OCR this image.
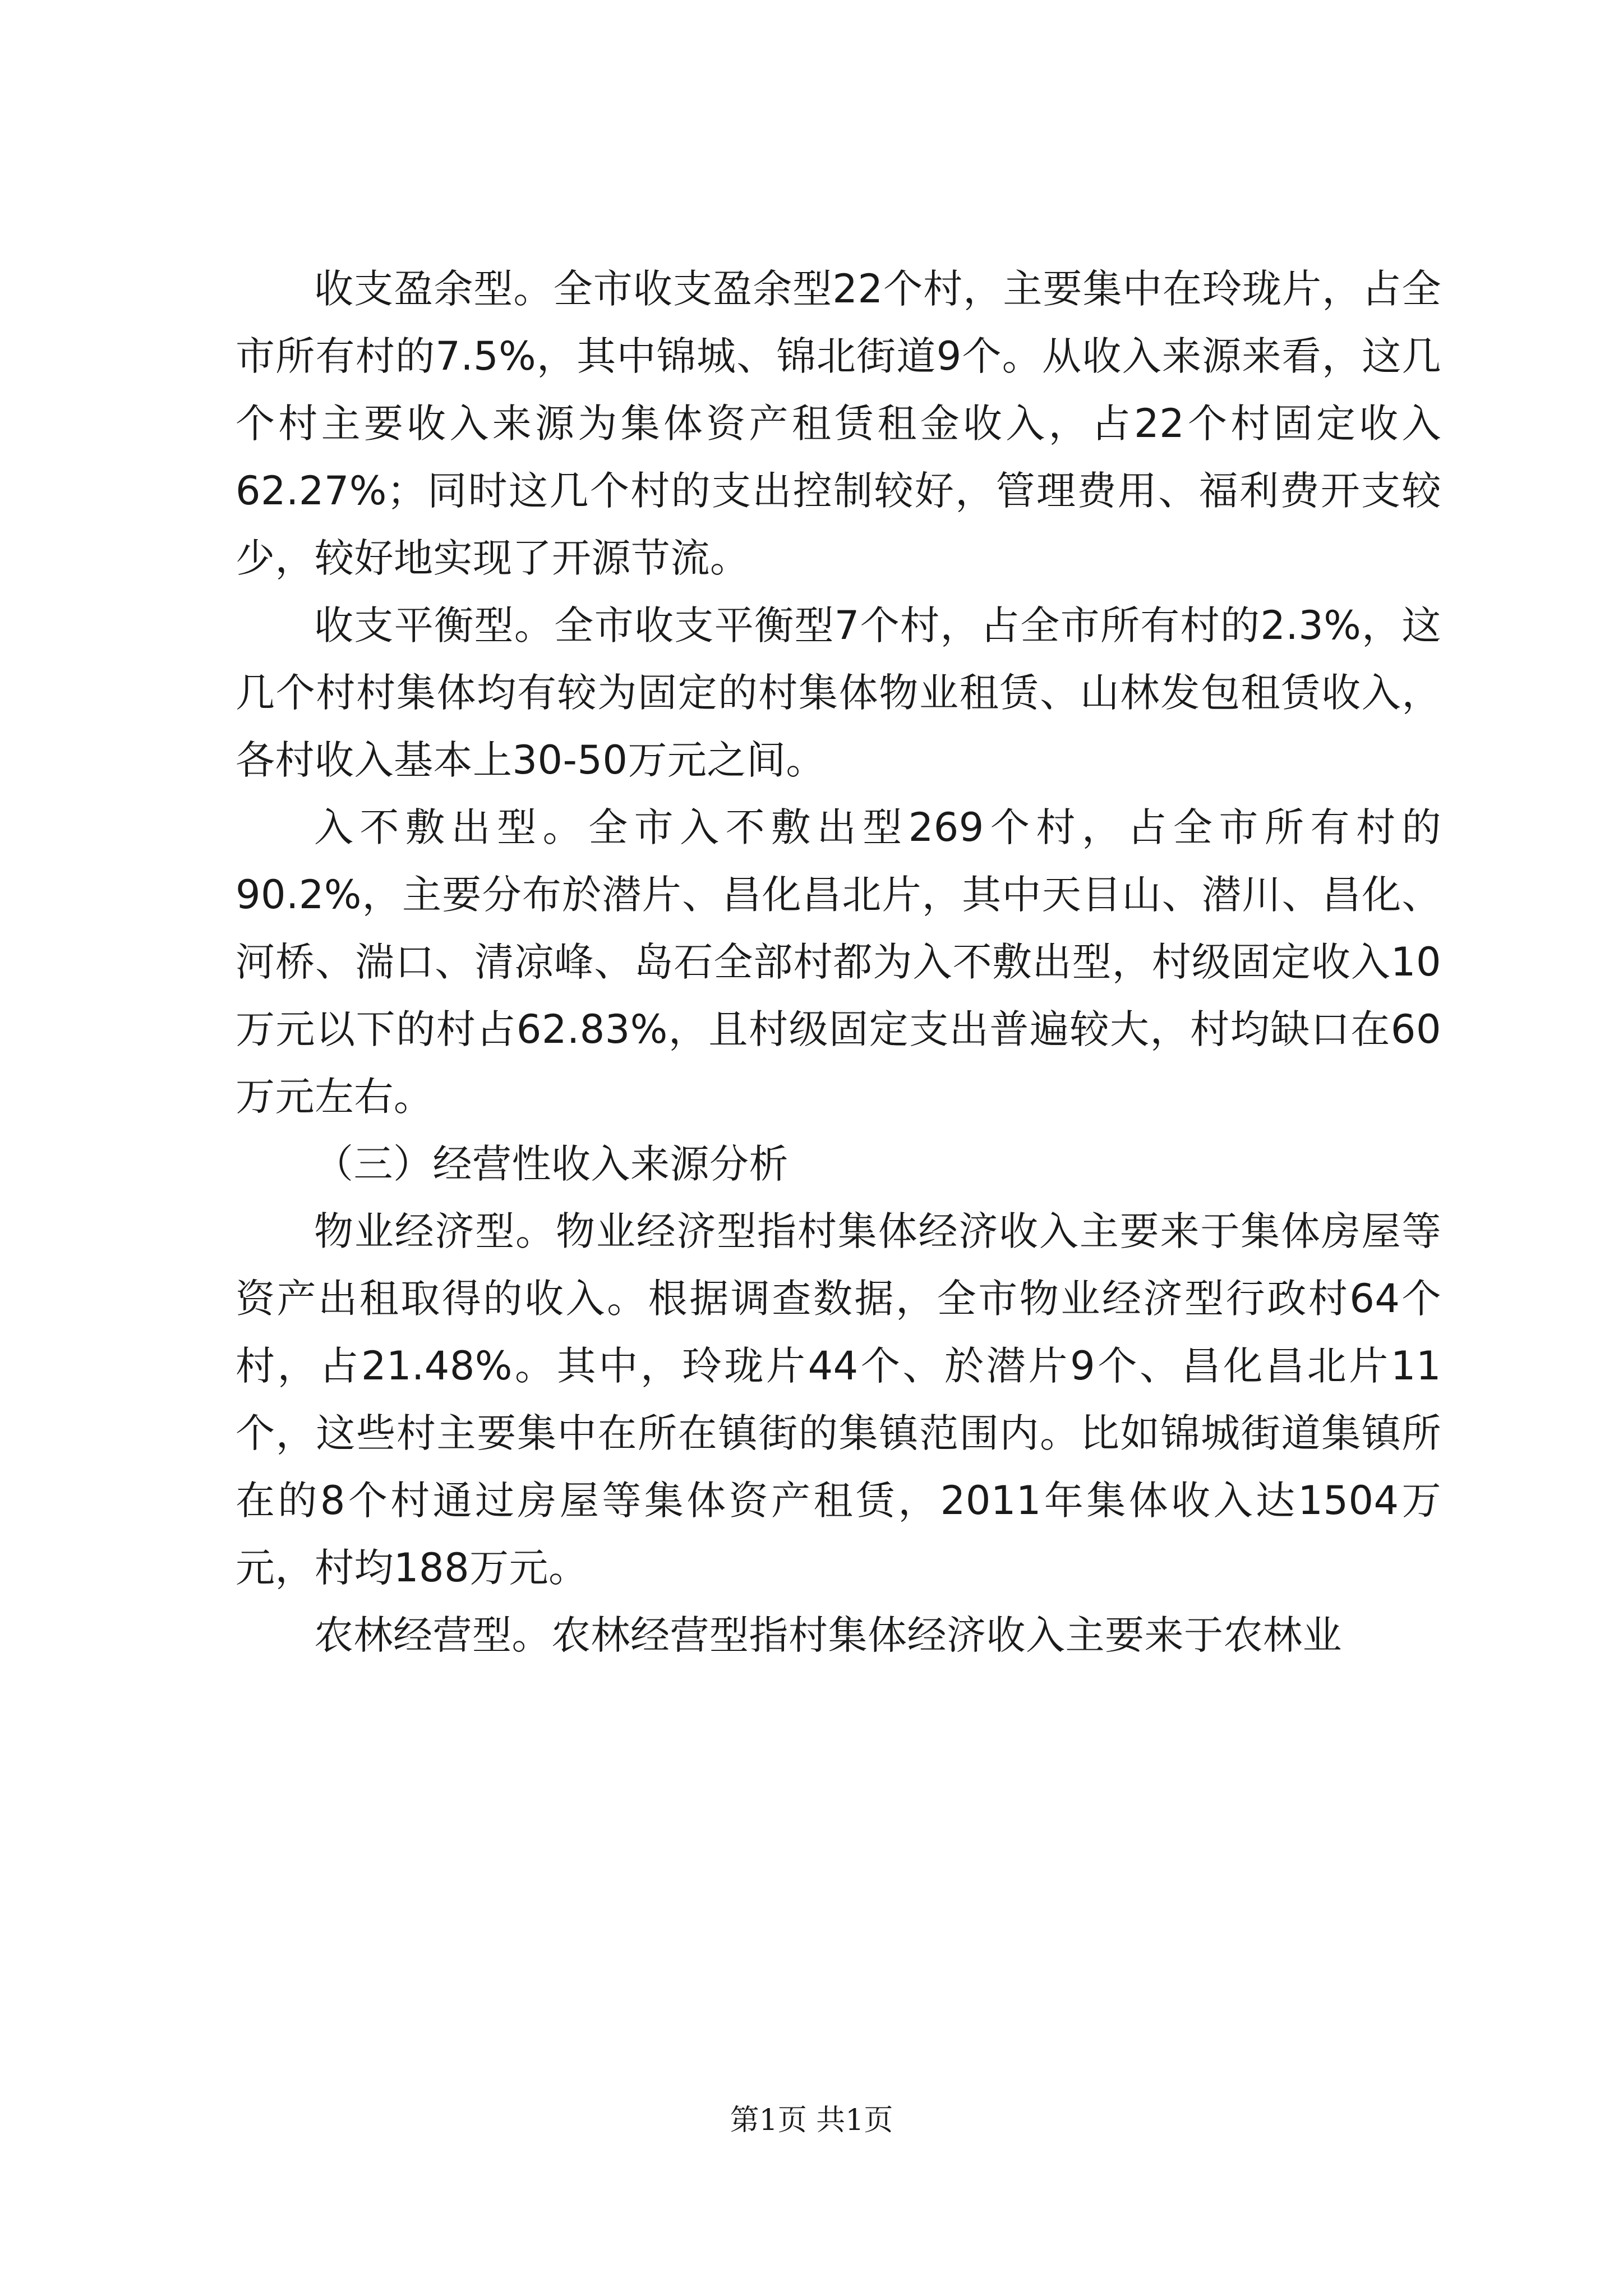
收支盈余型。全市收支盈余型22个村，主要集中在玲珑片，占全市所有村的7.5%，其中锦城、锦北街道9个。从收入来源来看，这几个村主要收入来源为集体资产租赁租金收入，占22个村固定收入62.27%；同时这几个村的支出控制较好，管理费用、福利费开支较少，较好地实现了开源节流。

收支平衡型。全市收支平衡型7个村，占全市所有村的2.3%，这几个村村集体均有较为固定的村集体物业租赁、山林发包租赁收入，各村收入基本上30-50万元之间。

入不敷出型。全市入不敷出型269个村，占全市所有村的90.2%，主要分布於潜片、昌化昌北片，其中天目山、潜川、昌化、河桥、湍口、清凉峰、岛石全部村都为入不敷出型，村级固定收入10万元以下的村占62.83%，且村级固定支出普遍较大，村均缺口在60万元左右。

（三）经营性收入来源分析

物业经济型。物业经济型指村集体经济收入主要来于集体房屋等资产出租取得的收入。根据调查数据，全市物业经济型行政村64个村，占21.48%。其中，玲珑片44个、於潜片9个、昌化昌北片11个，这些村主要集中在所在镇街的集镇范围内。比如锦城街道集镇所在的8个村通过房屋等集体资产租赁，2011年集体收入达1504万元，村均188万元。

农林经营型。农林经营型指村集体经济收入主要来于农林业

第1页 共1页
